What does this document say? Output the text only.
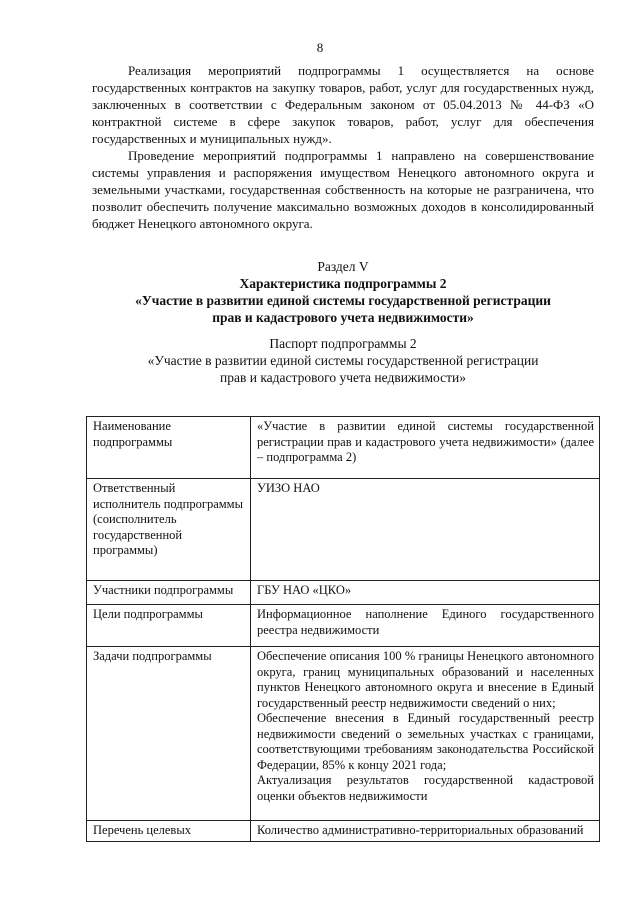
8

Реализация мероприятий подпрограммы 1 осуществляется на основе государственных контрактов на закупку товаров, работ, услуг для государственных нужд, заключенных в соответствии с Федеральным законом от 05.04.2013 № 44-ФЗ «О контрактной системе в сфере закупок товаров, работ, услуг для обеспечения государственных и муниципальных нужд».

Проведение мероприятий подпрограммы 1 направлено на совершенствование системы управления и распоряжения имуществом Ненецкого автономного округа и земельными участками, государственная собственность на которые не разграничена, что позволит обеспечить получение максимально возможных доходов в консолидированный бюджет Ненецкого автономного округа.

Раздел V
Характеристика подпрограммы 2
«Участие в развитии единой системы государственной регистрации
прав и кадастрового учета недвижимости»
Паспорт подпрограммы 2
«Участие в развитии единой системы государственной регистрации
прав и кадастрового учета недвижимости»
Наименование подпрограммы	«Участие в развитии единой системы государственной регистрации прав и кадастрового учета недвижимости» (далее – подпрограмма 2)

Ответственный исполнитель подпрограммы (соисполнитель государственной программы)	УИЗО НАО

Участники подпрограммы	ГБУ НАО «ЦКО»

Цели подпрограммы	Информационное наполнение Единого государственного реестра недвижимости

Задачи подпрограммы	Обеспечение описания 100 % границы Ненецкого автономного округа, границ муниципальных образований и населенных пунктов Ненецкого автономного округа и внесение в Единый государственный реестр недвижимости сведений о них;
Обеспечение внесения в Единый государственный реестр недвижимости сведений о земельных участках с границами, соответствующими требованиям законодательства Российской Федерации, 85% к концу 2021 года;
Актуализация результатов государственной кадастровой оценки объектов недвижимости

Перечень целевых	Количество административно-территориальных образований
